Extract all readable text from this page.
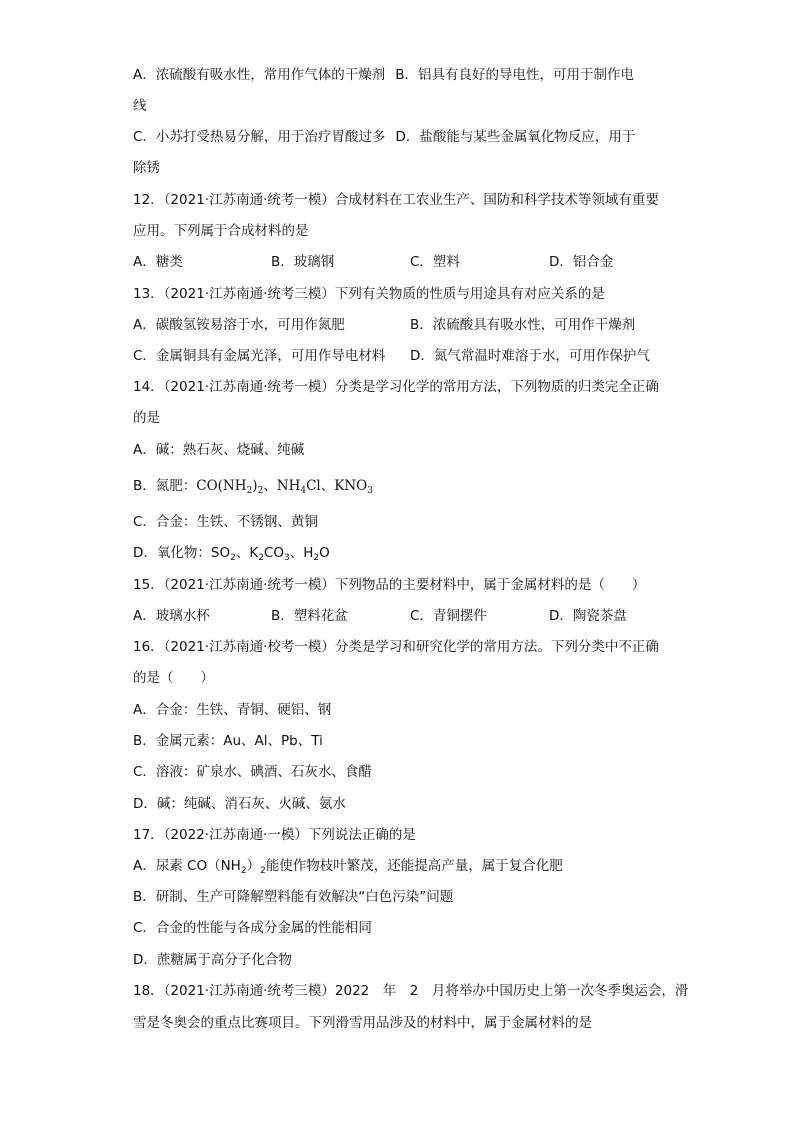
A．浓硫酸有吸水性，常用作气体的干燥剂 B．铝具有良好的导电性，可用于制作电
线
C．小苏打受热易分解，用于治疗胃酸过多 D．盐酸能与某些金属氧化物反应，用于
除锈
12．（2021·江苏南通·统考一模）合成材料在工农业生产、国防和科学技术等领域有重要
应用。下列属于合成材料的是
A．糖类	B．玻璃钢	C．塑料	D．铝合金
13．（2021·江苏南通·统考三模）下列有关物质的性质与用途具有对应关系的是
A．碳酸氢铵易溶于水，可用作氮肥	B．浓硫酸具有吸水性，可用作干燥剂
C．金属铜具有金属光泽，可用作导电材料 D．氮气常温时难溶于水，可用作保护气
14．（2021·江苏南通·统考一模）分类是学习化学的常用方法，下列物质的归类完全正确
的是
A．碱：熟石灰、烧碱、纯碱
B．氮肥：$CO(NH_2)_2$、$NH_4Cl$、$KNO_3$
C．合金：生铁、不锈钢、黄铜
D．氧化物：$SO_2$、$K_2CO_3$、$H_2O$
15．（2021·江苏南通·统考一模）下列物品的主要材料中，属于金属材料的是（　　）
A．玻璃水杯	B．塑料花盆	C．青铜摆件	D．陶瓷茶盘
16．（2021·江苏南通·校考一模）分类是学习和研究化学的常用方法。下列分类中不正确
的是（　　）
A．合金：生铁、青铜、硬铝、钢
B．金属元素：Au、Al、Pb、Ti
C．溶液：矿泉水、碘酒、石灰水、食醋
D．碱：纯碱、消石灰、火碱、氨水
17．（2022·江苏南通·一模）下列说法正确的是
A．尿素 $CO(NH_2)_2$能使作物枝叶繁茂，还能提高产量，属于复合化肥
B．研制、生产可降解塑料能有效解决“白色污染”问题
C．合金的性能与各成分金属的性能相同
D．蔗糖属于高分子化合物
18．（2021·江苏南通·统考三模）2022　年　2　月将举办中国历史上第一次冬季奥运会，滑
雪是冬奥会的重点比赛项目。下列滑雪用品涉及的材料中，属于金属材料的是
